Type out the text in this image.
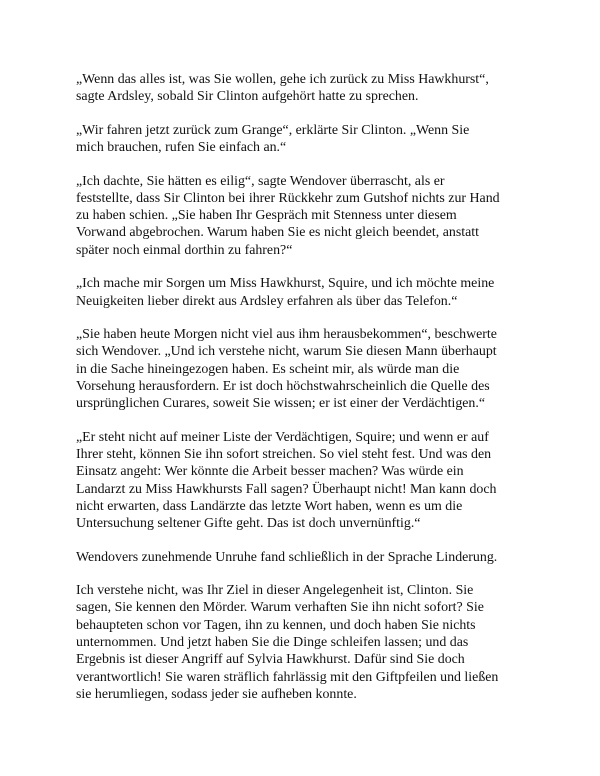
„Wenn das alles ist, was Sie wollen, gehe ich zurück zu Miss Hawkhurst“,
sagte Ardsley, sobald Sir Clinton aufgehört hatte zu sprechen.

„Wir fahren jetzt zurück zum Grange“, erklärte Sir Clinton. „Wenn Sie
mich brauchen, rufen Sie einfach an.“

„Ich dachte, Sie hätten es eilig“, sagte Wendover überrascht, als er
feststellte, dass Sir Clinton bei ihrer Rückkehr zum Gutshof nichts zur Hand
zu haben schien. „Sie haben Ihr Gespräch mit Stenness unter diesem
Vorwand abgebrochen. Warum haben Sie es nicht gleich beendet, anstatt
später noch einmal dorthin zu fahren?“

„Ich mache mir Sorgen um Miss Hawkhurst, Squire, und ich möchte meine
Neuigkeiten lieber direkt aus Ardsley erfahren als über das Telefon.“

„Sie haben heute Morgen nicht viel aus ihm herausbekommen“, beschwerte
sich Wendover. „Und ich verstehe nicht, warum Sie diesen Mann überhaupt
in die Sache hineingezogen haben. Es scheint mir, als würde man die
Vorsehung herausfordern. Er ist doch höchstwahrscheinlich die Quelle des
ursprünglichen Curares, soweit Sie wissen; er ist einer der Verdächtigen.“

„Er steht nicht auf meiner Liste der Verdächtigen, Squire; und wenn er auf
Ihrer steht, können Sie ihn sofort streichen. So viel steht fest. Und was den
Einsatz angeht: Wer könnte die Arbeit besser machen? Was würde ein
Landarzt zu Miss Hawkhursts Fall sagen? Überhaupt nicht! Man kann doch
nicht erwarten, dass Landärzte das letzte Wort haben, wenn es um die
Untersuchung seltener Gifte geht. Das ist doch unvernünftig.“

Wendovers zunehmende Unruhe fand schließlich in der Sprache Linderung.

Ich verstehe nicht, was Ihr Ziel in dieser Angelegenheit ist, Clinton. Sie
sagen, Sie kennen den Mörder. Warum verhaften Sie ihn nicht sofort? Sie
behaupteten schon vor Tagen, ihn zu kennen, und doch haben Sie nichts
unternommen. Und jetzt haben Sie die Dinge schleifen lassen; und das
Ergebnis ist dieser Angriff auf Sylvia Hawkhurst. Dafür sind Sie doch
verantwortlich! Sie waren sträflich fahrlässig mit den Giftpfeilen und ließen
sie herumliegen, sodass jeder sie aufheben konnte.
